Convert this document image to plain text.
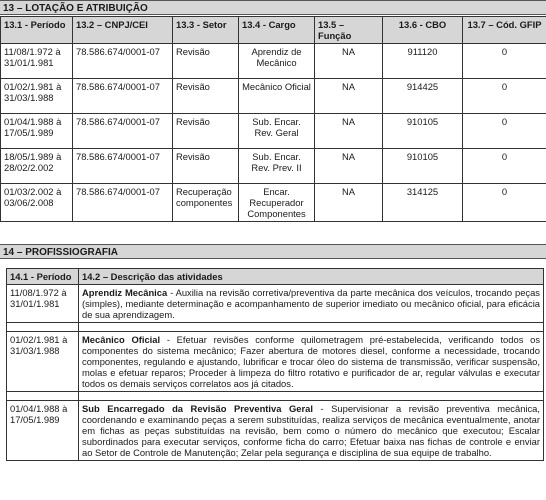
13 – LOTAÇÃO E ATRIBUIÇÃO
13.1 - Período	13.2 – CNPJ/CEI	13.3 - Setor	13.4 - Cargo	13.5 – Função	13.6 - CBO	13.7 – Cód. GFIP
11/08/1.972 à 31/01/1.981	78.586.674/0001-07	Revisão	Aprendiz de Mecânico	NA	911120	0
01/02/1.981 à 31/03/1.988	78.586.674/0001-07	Revisão	Mecânico Oficial	NA	914425	0
01/04/1.988 à 17/05/1.989	78.586.674/0001-07	Revisão	Sub. Encar. Rev. Geral	NA	910105	0
18/05/1.989 à 28/02/2.002	78.586.674/0001-07	Revisão	Sub. Encar. Rev. Prev. II	NA	910105	0
01/03/2.002 à 03/06/2.008	78.586.674/0001-07	Recuperação componentes	Encar. Recuperador Componentes	NA	314125	0
14 – PROFISSIOGRAFIA
14.1 - Período	14.2 – Descrição das atividades
11/08/1.972 à 31/01/1.981	Aprendiz Mecânica - Auxilia na revisão corretiva/preventiva da parte mecânica dos veículos, trocando peças (simples), mediante determinação e acompanhamento de superior imediato ou mecânico oficial, para eficácia de sua aprendizagem.

01/02/1.981 à 31/03/1.988	Mecânico Oficial - Efetuar revisões conforme quilometragem pré-estabelecida, verificando todos os componentes do sistema mecânico; Fazer abertura de motores diesel, conforme a necessidade, trocando componentes, regulando e ajustando, lubrificar e trocar óleo do sistema de transmissão, verificar suspensão, molas e efetuar reparos; Proceder à limpeza do filtro rotativo e purificador de ar, regular válvulas e executar todos os demais serviços correlatos aos já citados.

01/04/1.988 à 17/05/1.989	Sub Encarregado da Revisão Preventiva Geral - Supervisionar a revisão preventiva mecânica, coordenando e examinando peças a serem substituídas, realiza serviços de mecânica eventualmente, anotar em fichas as peças substituídas na revisão, bem como o número do mecânico que executou; Escalar subordinados para executar serviços, conforme ficha do carro; Efetuar baixa nas fichas de controle e enviar ao Setor de Controle de Manutenção; Zelar pela segurança e disciplina de sua equipe de trabalho.
